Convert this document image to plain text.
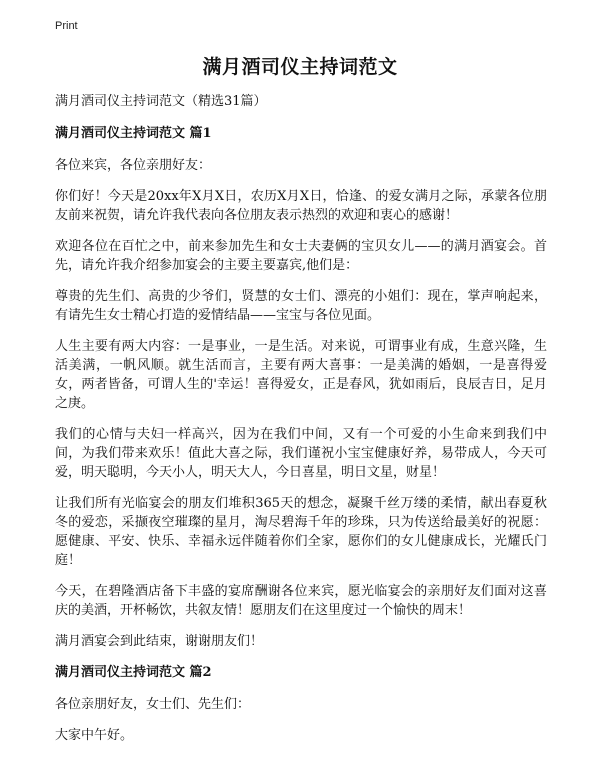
Print
满月酒司仪主持词范文

满月酒司仪主持词范文（精选31篇）

满月酒司仪主持词范文 篇1

各位来宾，各位亲朋好友：

你们好！今天是20xx年X月X日，农历X月X日，恰逢、的爱女满月之际，承蒙各位朋友前来祝贺，请允许我代表向各位朋友表示热烈的欢迎和衷心的感谢！

欢迎各位在百忙之中，前来参加先生和女士夫妻俩的宝贝女儿——的满月酒宴会。首先，请允许我介绍参加宴会的主要主要嘉宾,他们是：

尊贵的先生们、高贵的少爷们，贤慧的女士们、漂亮的小姐们：现在，掌声响起来，有请先生女士精心打造的爱情结晶——宝宝与各位见面。

人生主要有两大内容：一是事业，一是生活。对来说，可谓事业有成，生意兴隆，生活美满，一帆风顺。就生活而言，主要有两大喜事：一是美满的婚姻，一是喜得爱女，两者皆备，可谓人生的'幸运！喜得爱女，正是春风，犹如雨后，良辰吉日，足月之庚。

我们的心情与夫妇一样高兴，因为在我们中间，又有一个可爱的小生命来到我们中间，为我们带来欢乐！值此大喜之际，我们谨祝小宝宝健康好养，易带成人，今天可爱，明天聪明，今天小人，明天大人，今日喜星，明日文星，财星！

让我们所有光临宴会的朋友们堆积365天的想念，凝聚千丝万缕的柔情，献出春夏秋冬的爱恋，采撷夜空璀璨的星月，淘尽碧海千年的珍珠，只为传送给最美好的祝愿：愿健康、平安、快乐、幸福永远伴随着你们全家，愿你们的女儿健康成长，光耀氏门庭！

今天，在碧隆酒店备下丰盛的宴席酬谢各位来宾，愿光临宴会的亲朋好友们面对这喜庆的美酒，开杯畅饮，共叙友情！愿朋友们在这里度过一个愉快的周末！

满月酒宴会到此结束，谢谢朋友们！

满月酒司仪主持词范文 篇2

各位亲朋好友，女士们、先生们：

大家中午好。
